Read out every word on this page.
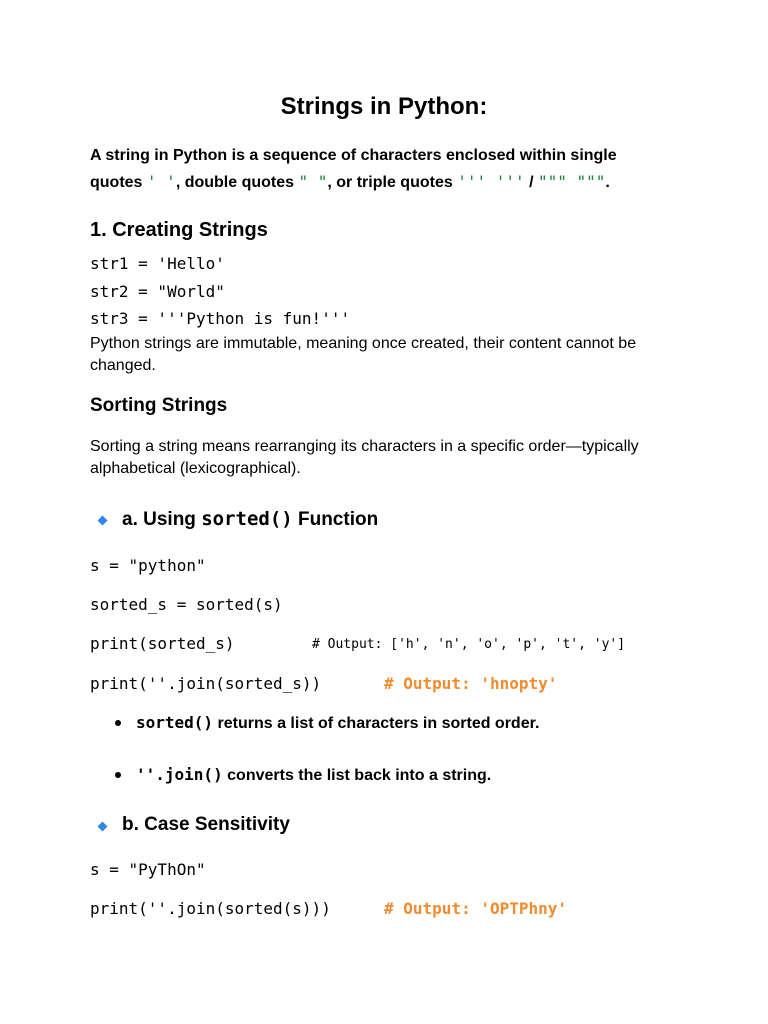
Strings in Python:
A string in Python is a sequence of characters enclosed within single
quotes ' ', double quotes " ", or triple quotes ''' ''' / """ """.
1. Creating Strings
str1 = 'Hello'
str2 = "World"
str3 = '''Python is fun!'''
Python strings are immutable, meaning once created, their content cannot be changed.
Sorting Strings
Sorting a string means rearranging its characters in a specific order—typically alphabetical (lexicographical).
a. Using sorted() Function
s = "python"
sorted_s = sorted(s)
print(sorted_s)	# Output: ['h', 'n', 'o', 'p', 't', 'y']
print(''.join(sorted_s))	# Output: 'hnopty'
sorted() returns a list of characters in sorted order.
''.join() converts the list back into a string.
b. Case Sensitivity
s = "PyThOn"
print(''.join(sorted(s)))	# Output: 'OPTPhny'
